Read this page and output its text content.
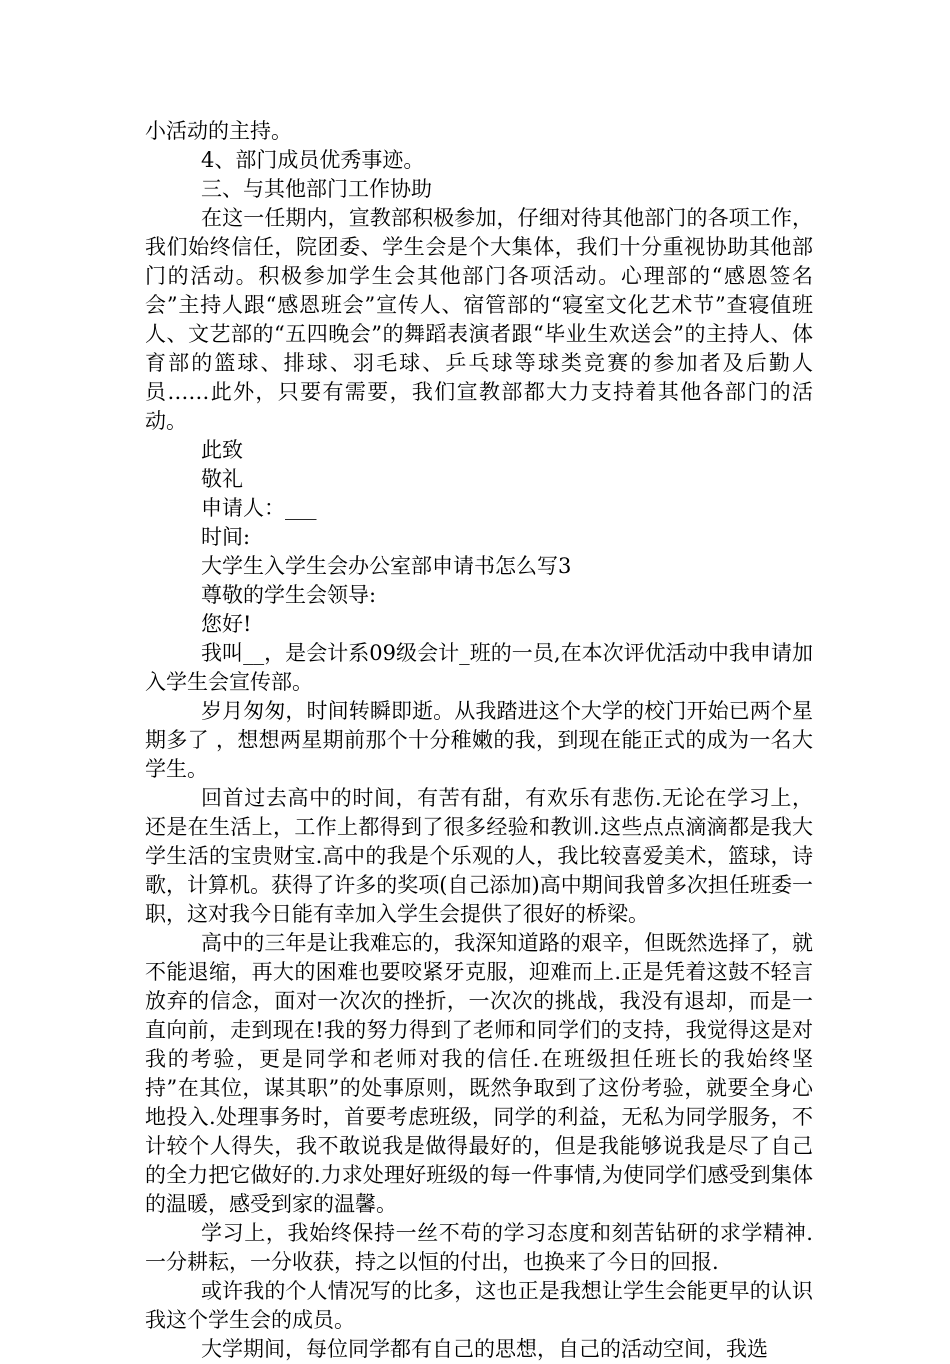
小活动的主持。

4、部门成员优秀事迹。

三、与其他部门工作协助

在这一任期内，宣教部积极参加，仔细对待其他部门的各项工作，我们始终信任，院团委、学生会是个大集体，我们十分重视协助其他部门的活动。积极参加学生会其他部门各项活动。心理部的“感恩签名会”主持人跟“感恩班会”宣传人、宿管部的“寝室文化艺术节”查寝值班人、文艺部的“五四晚会”的舞蹈表演者跟“毕业生欢送会”的主持人、体育部的篮球、排球、羽毛球、乒乓球等球类竞赛的参加者及后勤人员……此外，只要有需要，我们宣教部都大力支持着其他各部门的活动。

此致

敬礼

申请人：___

时间:

大学生入学生会办公室部申请书怎么写3

尊敬的学生会领导:

您好!

我叫__，是会计系09级会计_班的一员,在本次评优活动中我申请加入学生会宣传部。

岁月匆匆，时间转瞬即逝。从我踏进这个大学的校门开始已两个星期多了 ，想想两星期前那个十分稚嫩的我，到现在能正式的成为一名大学生。

回首过去高中的时间，有苦有甜，有欢乐有悲伤.无论在学习上，还是在生活上，工作上都得到了很多经验和教训.这些点点滴滴都是我大学生活的宝贵财宝.高中的我是个乐观的人，我比较喜爱美术，篮球，诗歌，计算机。获得了许多的奖项(自己添加)高中期间我曾多次担任班委一职，这对我今日能有幸加入学生会提供了很好的桥梁。

高中的三年是让我难忘的，我深知道路的艰辛，但既然选择了，就不能退缩，再大的困难也要咬紧牙克服，迎难而上.正是凭着这鼓不轻言放弃的信念，面对一次次的挫折，一次次的挑战，我没有退却，而是一直向前，走到现在!我的努力得到了老师和同学们的支持，我觉得这是对我的考验，更是同学和老师对我的信任.在班级担任班长的我始终坚持”在其位，谋其职”的处事原则，既然争取到了这份考验，就要全身心地投入.处理事务时，首要考虑班级，同学的利益，无私为同学服务，不计较个人得失，我不敢说我是做得最好的，但是我能够说我是尽了自己的全力把它做好的.力求处理好班级的每一件事情,为使同学们感受到集体的温暖，感受到家的温馨。

学习上，我始终保持一丝不苟的学习态度和刻苦钻研的求学精神.一分耕耘，一分收获，持之以恒的付出，也换来了今日的回报.

或许我的个人情况写的比多，这也正是我想让学生会能更早的认识我这个学生会的成员。

大学期间，每位同学都有自己的思想，自己的活动空间，我选
